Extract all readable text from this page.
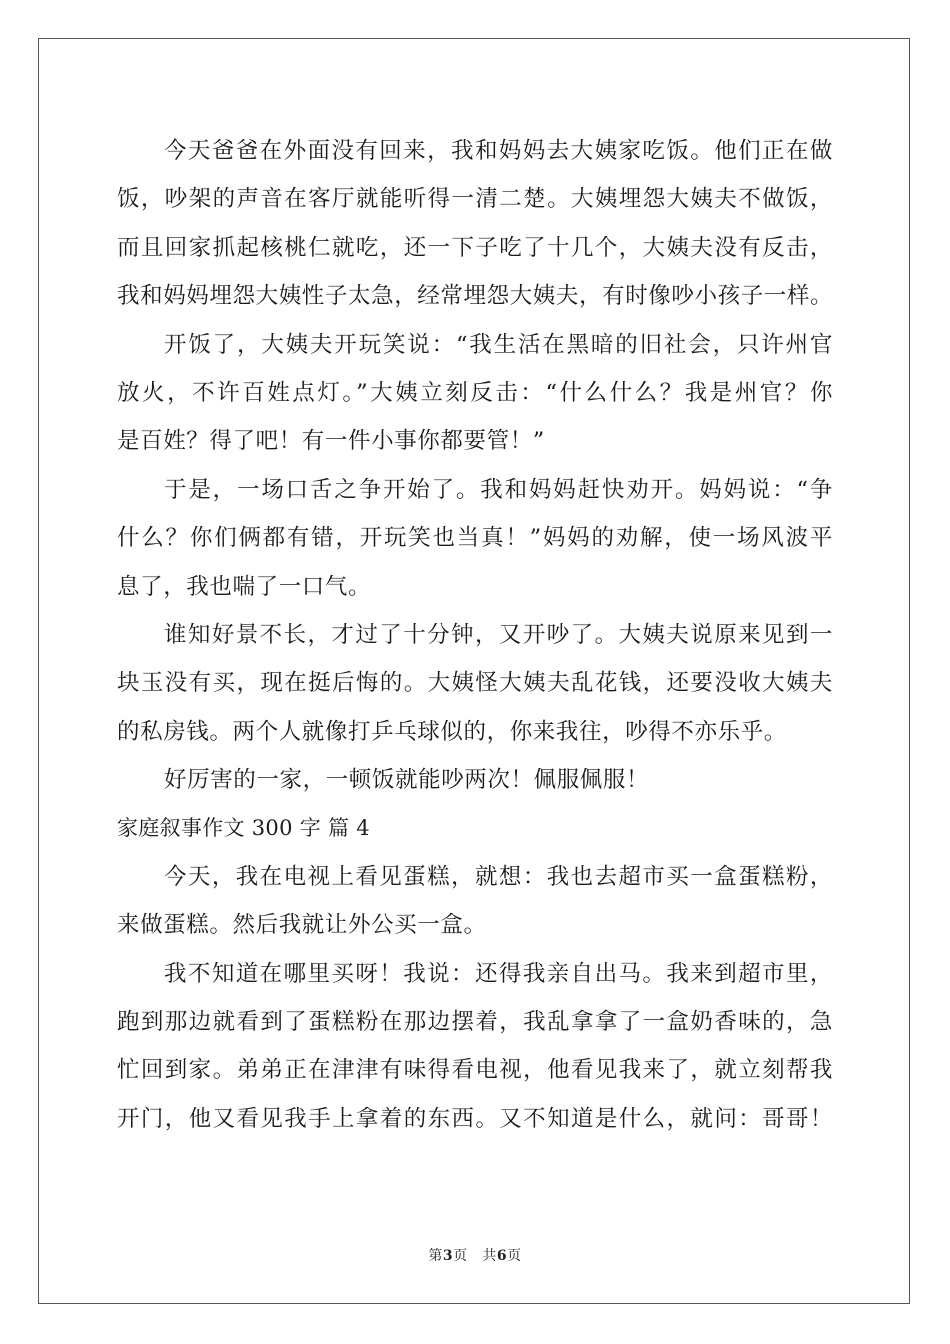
今天爸爸在外面没有回来，我和妈妈去大姨家吃饭。他们正在做
饭，吵架的声音在客厅就能听得一清二楚。大姨埋怨大姨夫不做饭，
而且回家抓起核桃仁就吃，还一下子吃了十几个，大姨夫没有反击，
我和妈妈埋怨大姨性子太急，经常埋怨大姨夫，有时像吵小孩子一样。
开饭了，大姨夫开玩笑说：“我生活在黑暗的旧社会，只许州官
放火，不许百姓点灯。”大姨立刻反击：“什么什么？我是州官？你
是百姓？得了吧！有一件小事你都要管！”
于是，一场口舌之争开始了。我和妈妈赶快劝开。妈妈说：“争
什么？你们俩都有错，开玩笑也当真！”妈妈的劝解，使一场风波平
息了，我也喘了一口气。
谁知好景不长，才过了十分钟，又开吵了。大姨夫说原来见到一
块玉没有买，现在挺后悔的。大姨怪大姨夫乱花钱，还要没收大姨夫
的私房钱。两个人就像打乒乓球似的，你来我往，吵得不亦乐乎。
好厉害的一家，一顿饭就能吵两次！佩服佩服！
家庭叙事作文 300 字 篇 4
今天，我在电视上看见蛋糕，就想：我也去超市买一盒蛋糕粉，
来做蛋糕。然后我就让外公买一盒。
我不知道在哪里买呀！我说：还得我亲自出马。我来到超市里，
跑到那边就看到了蛋糕粉在那边摆着，我乱拿拿了一盒奶香味的，急
忙回到家。弟弟正在津津有味得看电视，他看见我来了，就立刻帮我
开门，他又看见我手上拿着的东西。又不知道是什么，就问：哥哥！
第3页 共6页
